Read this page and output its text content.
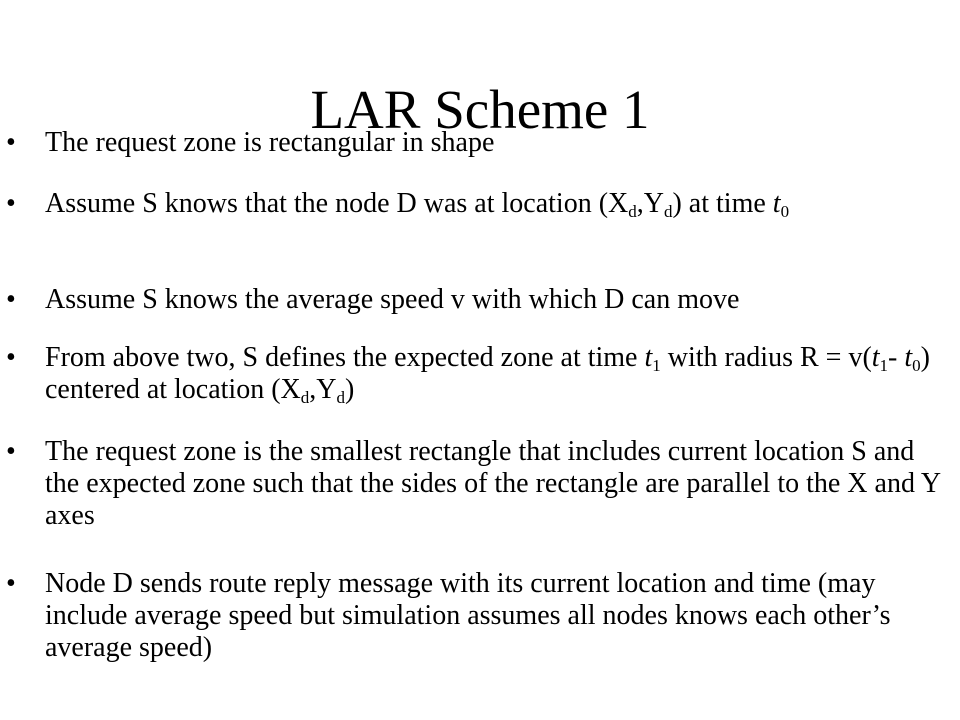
LAR Scheme 1
•	The request zone is rectangular in shape
•	Assume S knows that the node D was at location $(X_d,Y_d)$ at time $t_0$
•	Assume S knows the average speed v with which D can move
•	From above two, S defines the expected zone at time $t_1$ with radius $R = v(t_1-$ $t_0$) centered at location $(X_d,Y_d)$
•	The request zone is the smallest rectangle that includes current location S and the expected zone such that the sides of the rectangle are parallel to the X and Y axes
•	Node D sends route reply message with its current location and time (may include average speed but simulation assumes all nodes knows each other’s average speed)
